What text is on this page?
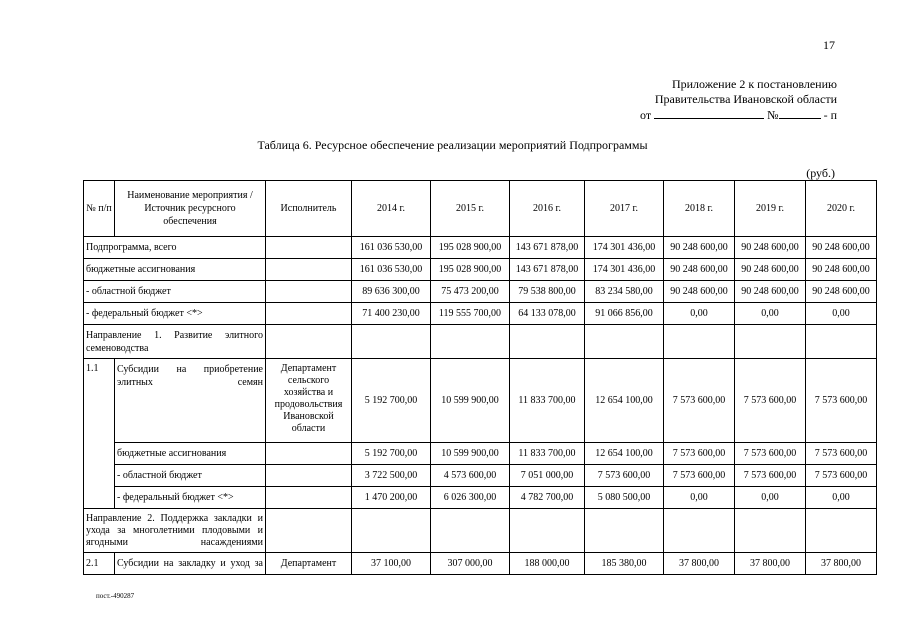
17
Приложение 2 к постановлению
Правительства Ивановской области
от	№	- п
Таблица 6. Ресурсное обеспечение реализации мероприятий Подпрограммы
(руб.)
№ п/п	Наименование мероприятия / Источник ресурсного обеспечения	Исполнитель	2014 г.	2015 г.	2016 г.	2017 г.	2018 г.	2019 г.	2020 г.
Подпрограмма, всего			161 036 530,00	195 028 900,00	143 671 878,00	174 301 436,00	90 248 600,00	90 248 600,00	90 248 600,00
бюджетные ассигнования			161 036 530,00	195 028 900,00	143 671 878,00	174 301 436,00	90 248 600,00	90 248 600,00	90 248 600,00
- областной бюджет			89 636 300,00	75 473 200,00	79 538 800,00	83 234 580,00	90 248 600,00	90 248 600,00	90 248 600,00
- федеральный бюджет <*>			71 400 230,00	119 555 700,00	64 133 078,00	91 066 856,00	0,00	0,00	0,00
Направление 1. Развитие элитного семеноводства									
1.1	Субсидии на приобретение элитных семян	Департамент сельского хозяйства и продовольствия Ивановской области	5 192 700,00	10 599 900,00	11 833 700,00	12 654 100,00	7 573 600,00	7 573 600,00	7 573 600,00
	бюджетные ассигнования		5 192 700,00	10 599 900,00	11 833 700,00	12 654 100,00	7 573 600,00	7 573 600,00	7 573 600,00
	- областной бюджет		3 722 500,00	4 573 600,00	7 051 000,00	7 573 600,00	7 573 600,00	7 573 600,00	7 573 600,00
	- федеральный бюджет <*>		1 470 200,00	6 026 300,00	4 782 700,00	5 080 500,00	0,00	0,00	0,00
Направление 2. Поддержка закладки и ухода за многолетними плодовыми и ягодными насаждениями									
2.1	Субсидии на закладку и уход за	Департамент	37 100,00	307 000,00	188 000,00	185 380,00	37 800,00	37 800,00	37 800,00
пост.-490287
